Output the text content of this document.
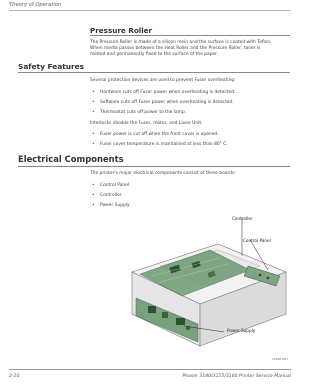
Theory of Operation
Pressure Roller
The Pressure Roller is made of a silicon resin and the surface is coated with Teflon.
When media passes between the Heat Roller and the Pressure Roller, toner is
melted and permanently fixed to the surface of the paper.
Safety Features
Several protection devices are used to prevent Fuser overheating:
• Hardware cuts off Fuser power when overheating is detected.
• Software cuts off Fuser power when overheating is detected.
• Thermostat cuts off power to the lamp.
Interlocks disable the Fuser, motor, and Laser Unit.
• Fuser power is cut off when the front cover is opened.
• Fuser cover temperature is maintained at less than 80° C.
Electrical Components
The printer's major electrical components consist of these boards:
• Control Panel
• Controller
• Power Supply
Controller
Control Panel
Power Supply
s3160-097
2-10	Phaser 3140/3155/3160 Printer Service Manual
